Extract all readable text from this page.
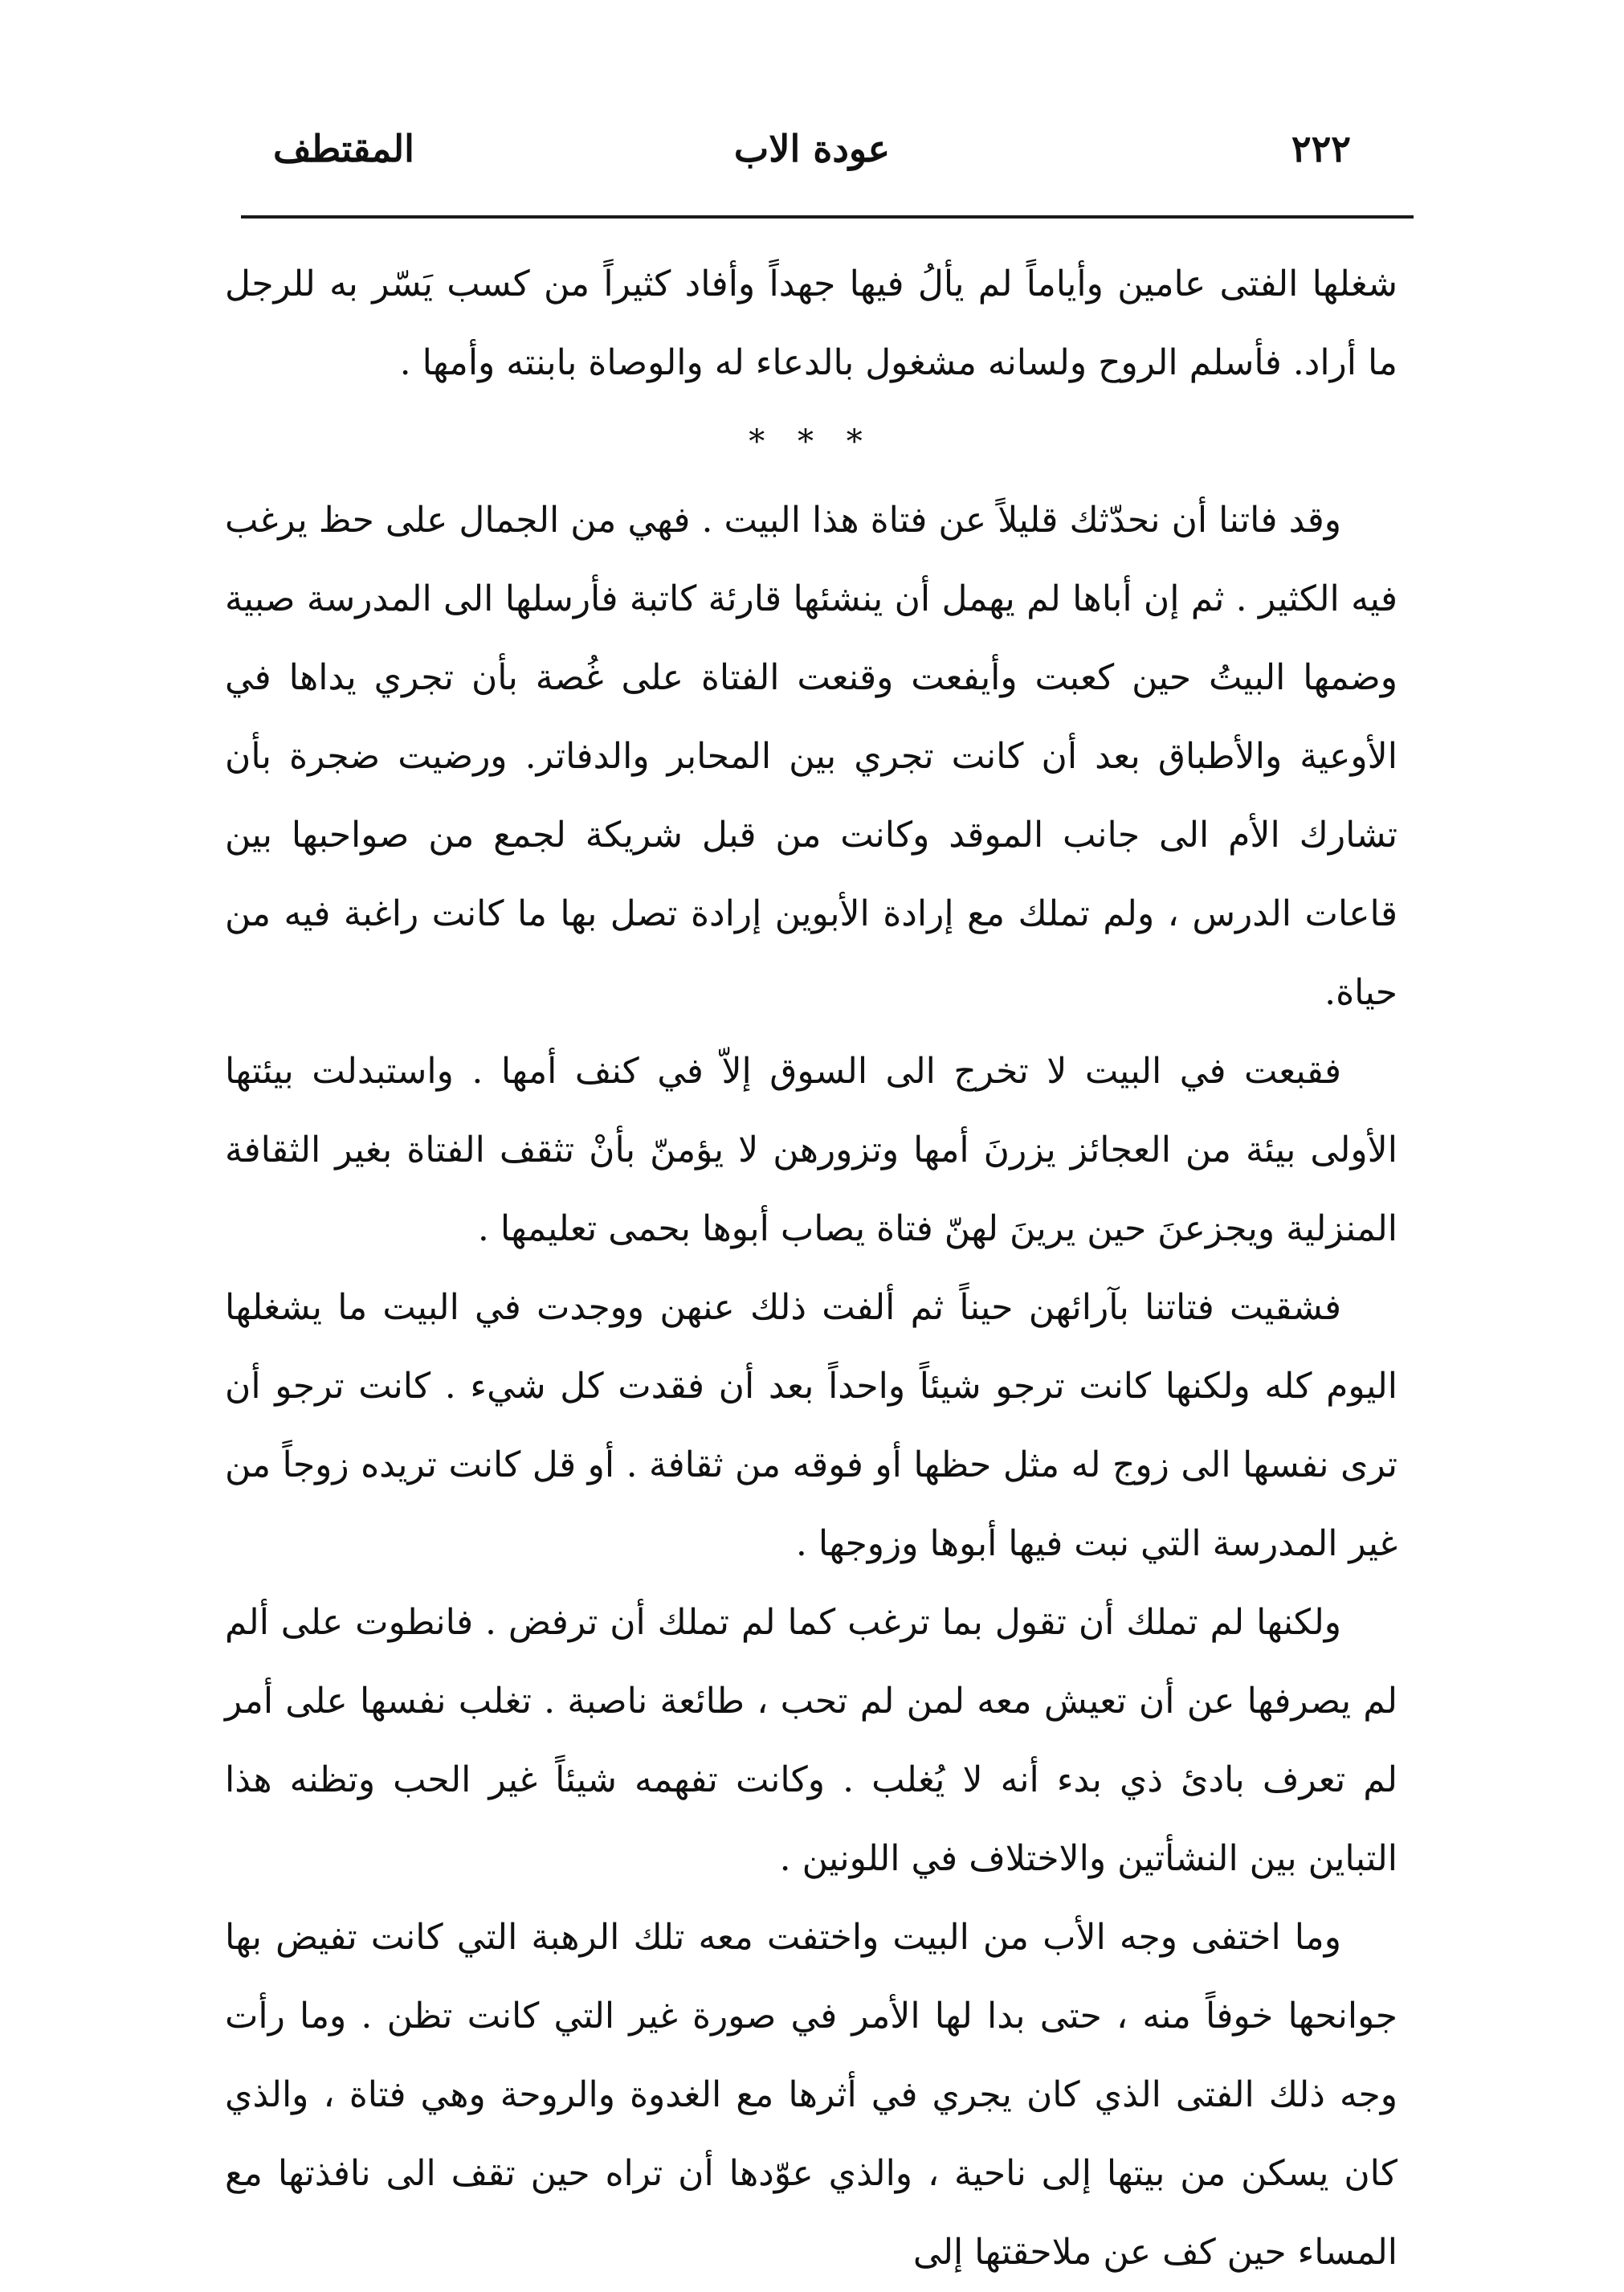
المقتطف	عودة الاب	٢٢٢

شغلها الفتى عامين وأياماً لم يألُ فيها جهداً وأفاد كثيراً من كسب يَسّر به للرجل ما أراد. فأسلم الروح ولسانه مشغول بالدعاء له والوصاة بابنته وأمها .

* * *

وقد فاتنا أن نحدّثك قليلاً عن فتاة هذا البيت . فهي من الجمال على حظ يرغب فيه الكثير . ثم إن أباها لم يهمل أن ينشئها قارئة كاتبة فأرسلها الى المدرسة صبية وضمها البيتُ حين كعبت وأيفعت وقنعت الفتاة على غُصة بأن تجري يداها في الأوعية والأطباق بعد أن كانت تجري بين المحابر والدفاتر. ورضيت ضجرة بأن تشارك الأم الى جانب الموقد وكانت من قبل شريكة لجمع من صواحبها بين قاعات الدرس ، ولم تملك مع إرادة الأبوين إرادة تصل بها ما كانت راغبة فيه من حياة.

فقبعت في البيت لا تخرج الى السوق إلاّ في كنف أمها . واستبدلت بيئتها الأولى بيئة من العجائز يزرنَ أمها وتزورهن لا يؤمنّ بأنْ تثقف الفتاة بغير الثقافة المنزلية ويجزعنَ حين يرينَ لهنّ فتاة يصاب أبوها بحمى تعليمها .

فشقيت فتاتنا بآرائهن حيناً ثم ألفت ذلك عنهن ووجدت في البيت ما يشغلها اليوم كله ولكنها كانت ترجو شيئاً واحداً بعد أن فقدت كل شيء . كانت ترجو أن ترى نفسها الى زوج له مثل حظها أو فوقه من ثقافة . أو قل كانت تريده زوجاً من غير المدرسة التي نبت فيها أبوها وزوجها .

ولكنها لم تملك أن تقول بما ترغب كما لم تملك أن ترفض . فانطوت على ألم لم يصرفها عن أن تعيش معه لمن لم تحب ، طائعة ناصبة . تغلب نفسها على أمر لم تعرف بادئ ذي بدء أنه لا يُغلب . وكانت تفهمه شيئاً غير الحب وتظنه هذا التباين بين النشأتين والاختلاف في اللونين .

وما اختفى وجه الأب من البيت واختفت معه تلك الرهبة التي كانت تفيض بها جوانحها خوفاً منه ، حتى بدا لها الأمر في صورة غير التي كانت تظن . وما رأت وجه ذلك الفتى الذي كان يجري في أثرها مع الغدوة والروحة وهي فتاة ، والذي كان يسكن من بيتها إلى ناحية ، والذي عوّدها أن تراه حين تقف الى نافذتها مع المساء حين كف عن ملاحقتها إلى
